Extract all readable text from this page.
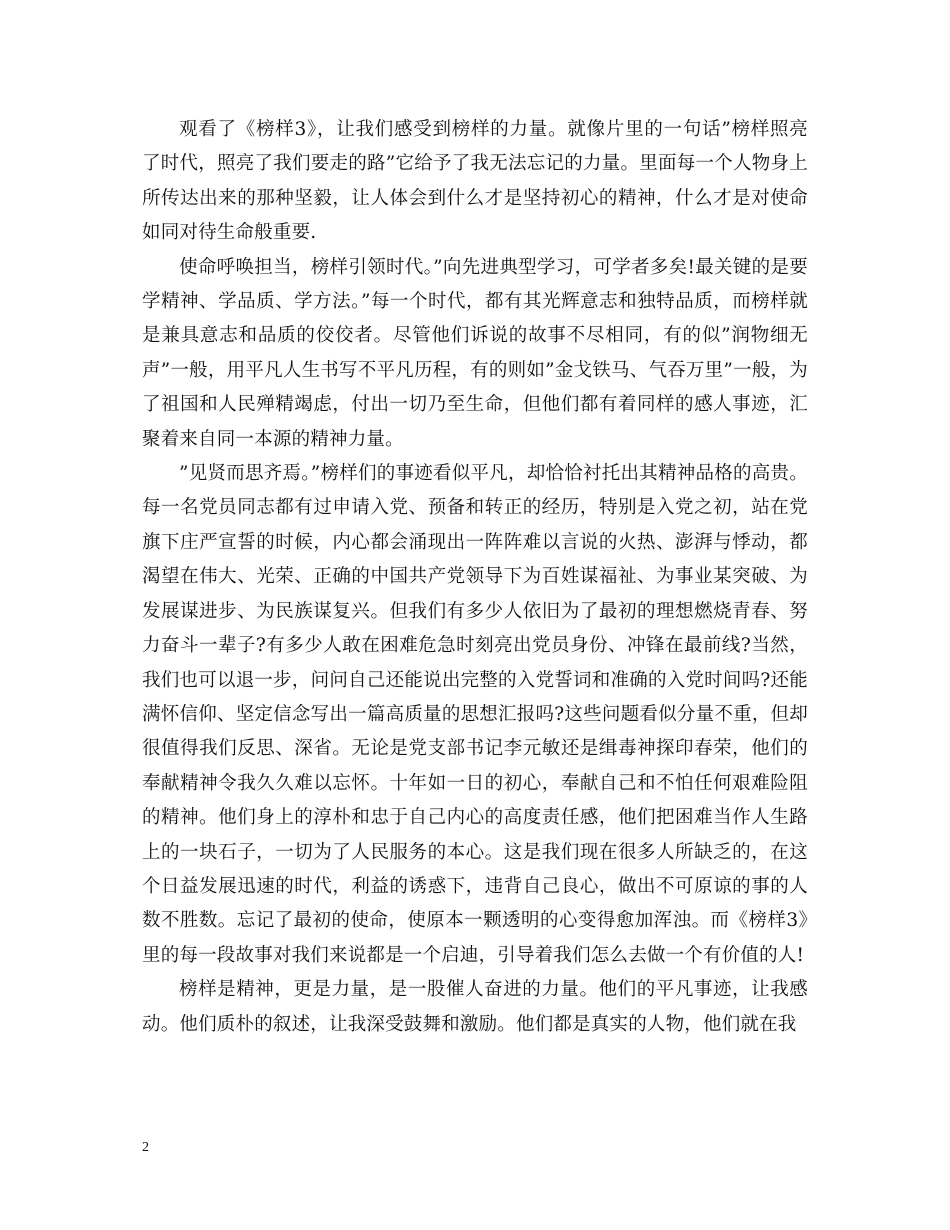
观看了《榜样3》，让我们感受到榜样的力量。就像片里的一句话”榜样照亮了时代，照亮了我们要走的路”它给予了我无法忘记的力量。里面每一个人物身上所传达出来的那种坚毅，让人体会到什么才是坚持初心的精神，什么才是对使命如同对待生命般重要.

使命呼唤担当，榜样引领时代。”向先进典型学习，可学者多矣!最关键的是要学精神、学品质、学方法。”每一个时代，都有其光辉意志和独特品质，而榜样就是兼具意志和品质的佼佼者。尽管他们诉说的故事不尽相同，有的似”润物细无声”一般，用平凡人生书写不平凡历程，有的则如”金戈铁马、气吞万里”一般，为了祖国和人民殚精竭虑，付出一切乃至生命，但他们都有着同样的感人事迹，汇聚着来自同一本源的精神力量。

”见贤而思齐焉。”榜样们的事迹看似平凡，却恰恰衬托出其精神品格的高贵。每一名党员同志都有过申请入党、预备和转正的经历，特别是入党之初，站在党旗下庄严宣誓的时候，内心都会涌现出一阵阵难以言说的火热、澎湃与悸动，都渴望在伟大、光荣、正确的中国共产党领导下为百姓谋福祉、为事业某突破、为发展谋进步、为民族谋复兴。但我们有多少人依旧为了最初的理想燃烧青春、努力奋斗一辈子?有多少人敢在困难危急时刻亮出党员身份、冲锋在最前线?当然，我们也可以退一步，问问自己还能说出完整的入党誓词和准确的入党时间吗?还能满怀信仰、坚定信念写出一篇高质量的思想汇报吗?这些问题看似分量不重，但却很值得我们反思、深省。无论是党支部书记李元敏还是缉毒神探印春荣，他们的奉献精神令我久久难以忘怀。十年如一日的初心，奉献自己和不怕任何艰难险阻的精神。他们身上的淳朴和忠于自己内心的高度责任感，他们把困难当作人生路上的一块石子，一切为了人民服务的本心。这是我们现在很多人所缺乏的，在这个日益发展迅速的时代，利益的诱惑下，违背自己良心，做出不可原谅的事的人数不胜数。忘记了最初的使命，使原本一颗透明的心变得愈加浑浊。而《榜样3》里的每一段故事对我们来说都是一个启迪，引导着我们怎么去做一个有价值的人!

榜样是精神，更是力量，是一股催人奋进的力量。他们的平凡事迹，让我感动。他们质朴的叙述，让我深受鼓舞和激励。他们都是真实的人物，他们就在我

2
